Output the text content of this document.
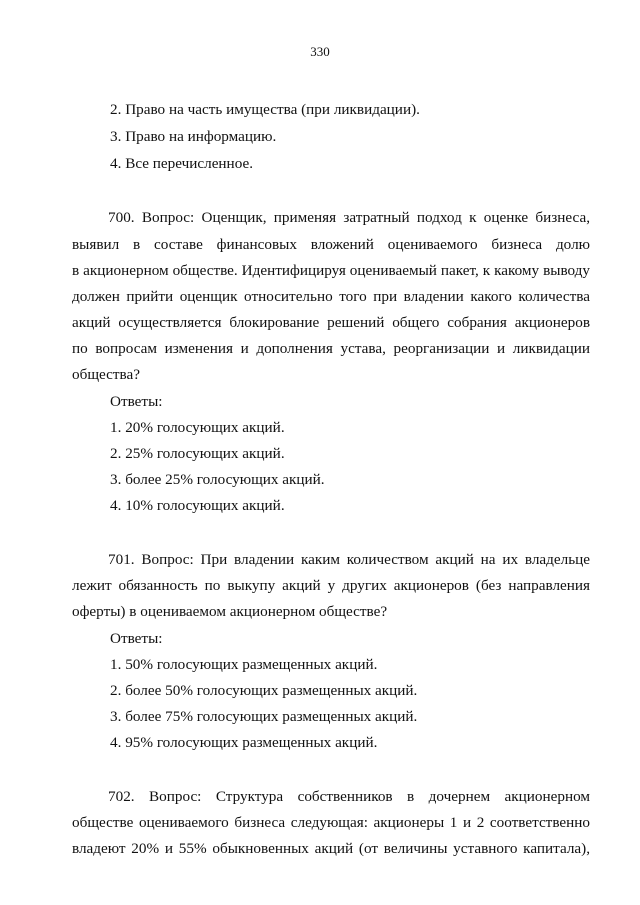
330
2. Право на часть имущества (при ликвидации).
3. Право на информацию.
4. Все перечисленное.
700. Вопрос: Оценщик, применяя затратный подход к оценке бизнеса,
выявил в составе финансовых вложений оцениваемого бизнеса долю
в акционерном обществе. Идентифицируя оцениваемый пакет, к какому выводу
должен прийти оценщик относительно того при владении какого количества
акций осуществляется блокирование решений общего собрания акционеров
по вопросам изменения и дополнения устава, реорганизации и ликвидации
общества?
Ответы:
1. 20% голосующих акций.
2. 25% голосующих акций.
3. более 25% голосующих акций.
4. 10% голосующих акций.
701. Вопрос: При владении каким количеством акций на их владельце
лежит обязанность по выкупу акций у других акционеров (без направления
оферты) в оцениваемом акционерном обществе?
Ответы:
1. 50% голосующих размещенных акций.
2. более 50% голосующих размещенных акций.
3. более 75% голосующих размещенных акций.
4. 95% голосующих размещенных акций.
702. Вопрос: Структура собственников в дочернем акционерном
обществе оцениваемого бизнеса следующая: акционеры 1 и 2 соответственно
владеют 20% и 55% обыкновенных акций (от величины уставного капитала),
